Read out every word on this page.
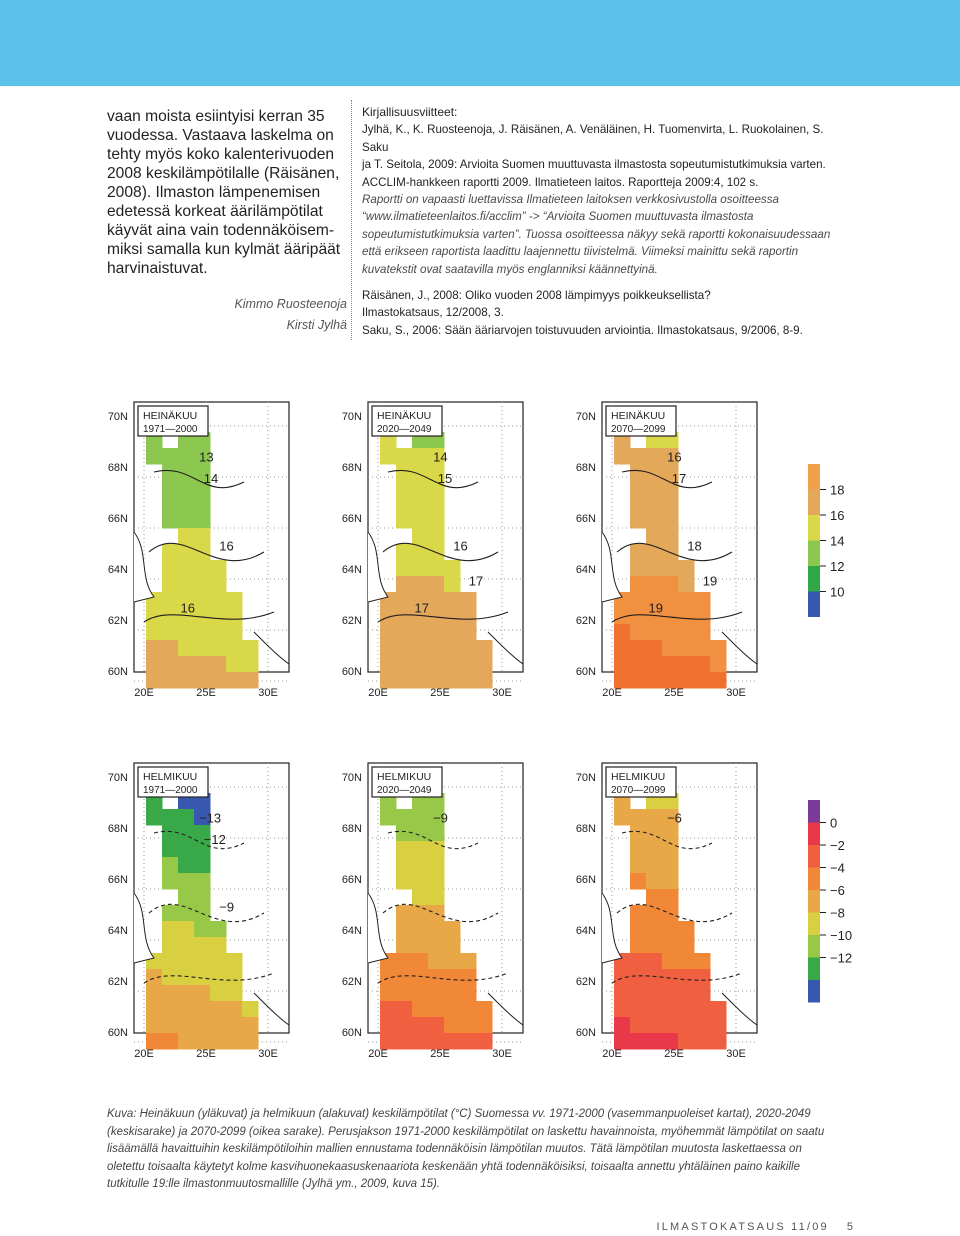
vaan moista esiintyisi kerran 35

vuodessa. Vastaava laskelma on

tehty myös koko kalenterivuoden

2008 keskilämpötilalle (Räisänen,

2008). Ilmaston lämpenemisen

edetessä korkeat äärilämpötilat

käyvät aina vain todennäköisem-

miksi samalla kun kylmät ääripäät

harvinaistuvat.

Kimmo Ruosteenoja
Kirsti Jylhä
Kirjallisuusviitteet:
Jylhä, K., K. Ruosteenoja, J. Räisänen, A. Venäläinen, H. Tuomenvirta, L. Ruokolainen, S. Saku
ja T. Seitola, 2009: Arvioita Suomen muuttuvasta ilmastosta sopeutumistutkimuksia varten.
ACCLIM-hankkeen raportti 2009. Ilmatieteen laitos. Raportteja 2009:4, 102 s.
Raportti on vapaasti luettavissa Ilmatieteen laitoksen verkkosivustolla osoitteessa
“www.ilmatieteenlaitos.fi/acclim” -> “Arvioita Suomen muuttuvasta ilmastosta
sopeutumistutkimuksia varten”. Tuossa osoitteessa näkyy sekä raportti kokonaisuudessaan
että erikseen raportista laadittu laajennettu tiivistelmä. Viimeksi mainittu sekä raportin
kuvatekstit ovat saatavilla myös englanniksi käännettyinä.
Räisänen, J., 2008: Oliko vuoden 2008 lämpimyys poikkeuksellista?
Ilmastokatsaus, 12/2008, 3.
Saku, S., 2006: Sään ääriarvojen toistuvuuden arviointia. Ilmastokatsaus, 9/2006, 8-9.
HEINÄKUU
1971—2000
13
14
16
16
70N
68N
66N
64N
62N
60N
20E	25E	30E
HEINÄKUU
2020—2049
14
15
16
17
17
70N
68N
66N
64N
62N
60N
20E	25E	30E
HEINÄKUU
2070—2099
16
17
18
19
19
70N
68N
66N
64N
62N
60N
20E	25E	30E
HELMIKUU
1971—2000
−13
−12
−9
70N
68N
66N
64N
62N
60N
20E	25E	30E
HELMIKUU
2020—2049
−9
70N
68N
66N
64N
62N
60N
20E	25E	30E
HELMIKUU
2070—2099
−6
70N
68N
66N
64N
62N
60N
20E	25E	30E
18
16
14
12
10
0
−2
−4
−6
−8
−10
−12
Kuva: Heinäkuun (yläkuvat) ja helmikuun (alakuvat) keskilämpötilat (°C) Suomessa vv. 1971-2000 (vasemmanpuoleiset kartat), 2020-2049
(keskisarake) ja 2070-2099 (oikea sarake). Perusjakson 1971-2000 keskilämpötilat on laskettu havainnoista, myöhemmät lämpötilat on saatu
lisäämällä havaittuihin keskilämpötiloihin mallien ennustama todennäköisin lämpötilan muutos. Tätä lämpötilan muutosta laskettaessa on
oletettu toisaalta käytetyt kolme kasvihuonekaasuskenaariota keskenään yhtä todennäköisiksi, toisaalta annettu yhtäläinen paino kaikille
tutkitulle 19:lle ilmastonmuutosmallille (Jylhä ym., 2009, kuva 15).
ILMASTOKATSAUS 11/09 5
